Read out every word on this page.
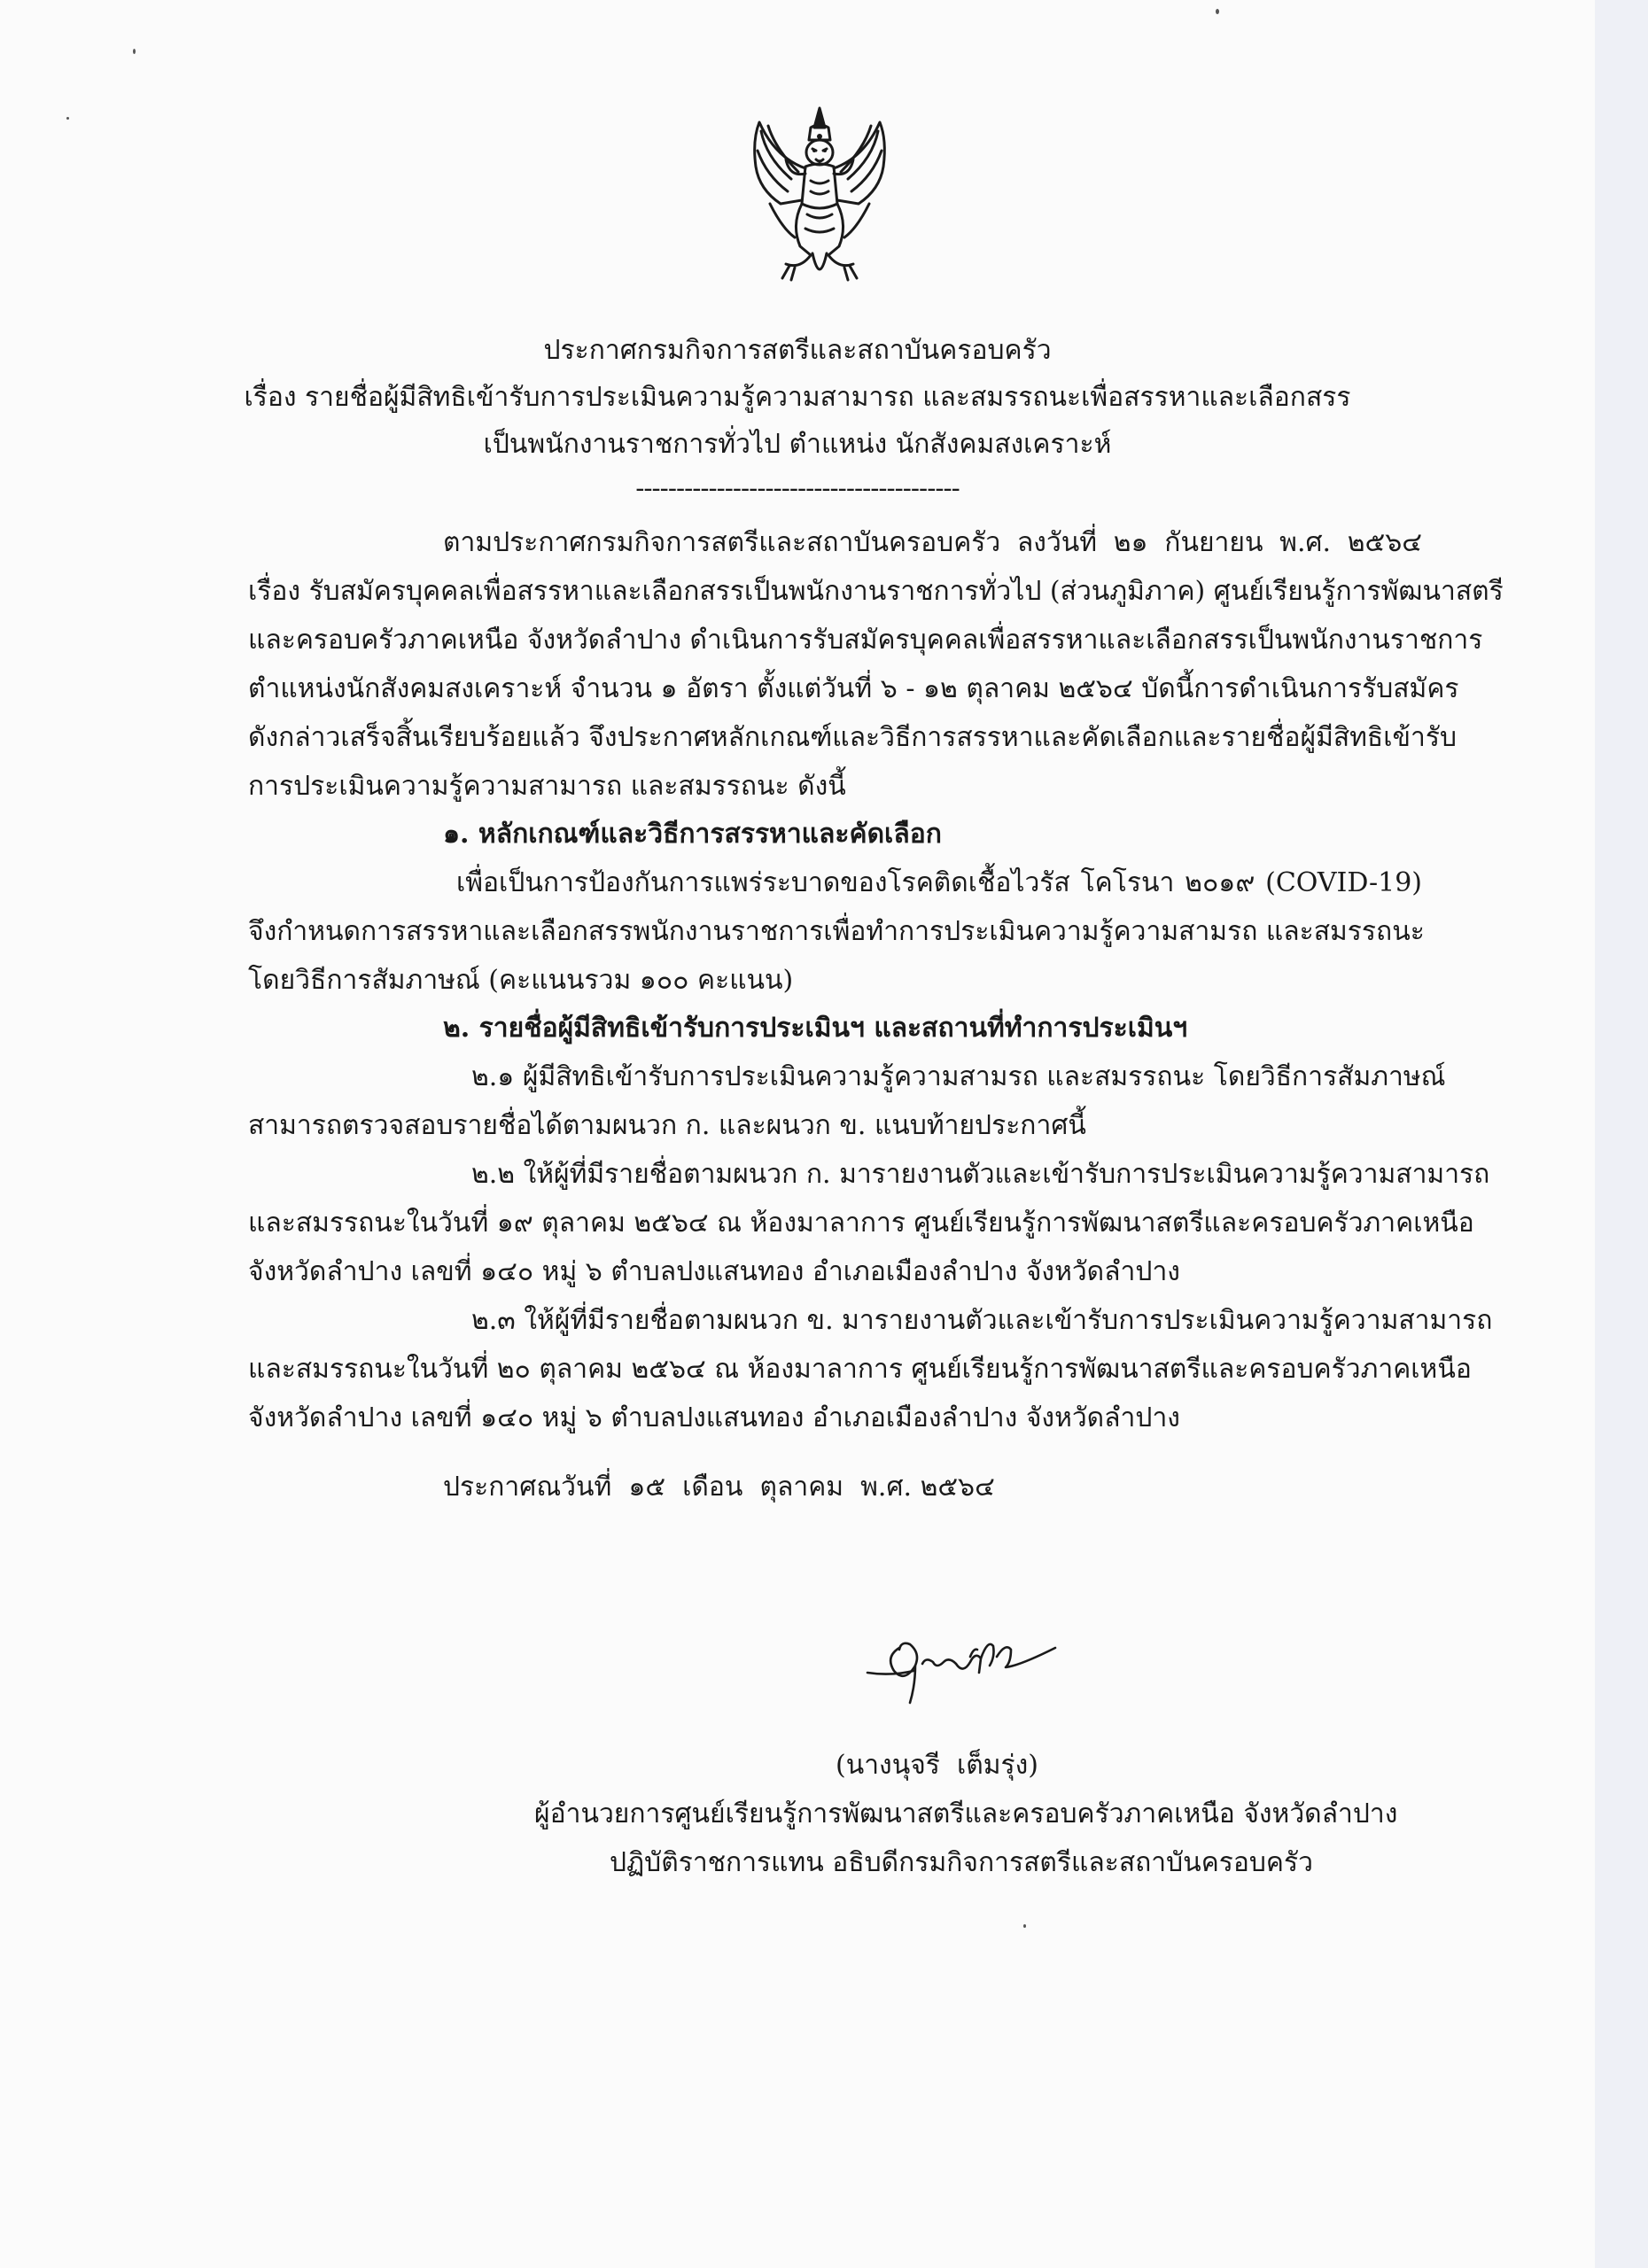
ประกาศกรมกิจการสตรีและสถาบันครอบครัว
เรื่อง รายชื่อผู้มีสิทธิเข้ารับการประเมินความรู้ความสามารถ และสมรรถนะเพื่อสรรหาและเลือกสรร
เป็นพนักงานราชการทั่วไป ตำแหน่ง นักสังคมสงเคราะห์
----------------------------------------
ตามประกาศกรมกิจการสตรีและสถาบันครอบครัว ลงวันที่ ๒๑ กันยายน พ.ศ. ๒๕๖๔
เรื่อง รับสมัครบุคคลเพื่อสรรหาและเลือกสรรเป็นพนักงานราชการทั่วไป (ส่วนภูมิภาค) ศูนย์เรียนรู้การพัฒนาสตรี
และครอบครัวภาคเหนือ จังหวัดลำปาง ดำเนินการรับสมัครบุคคลเพื่อสรรหาและเลือกสรรเป็นพนักงานราชการ
ตำแหน่งนักสังคมสงเคราะห์ จำนวน ๑ อัตรา ตั้งแต่วันที่ ๖ - ๑๒ ตุลาคม ๒๕๖๔ บัดนี้การดำเนินการรับสมัคร
ดังกล่าวเสร็จสิ้นเรียบร้อยแล้ว จึงประกาศหลักเกณฑ์และวิธีการสรรหาและคัดเลือกและรายชื่อผู้มีสิทธิเข้ารับ
การประเมินความรู้ความสามารถ และสมรรถนะ ดังนี้
๑. หลักเกณฑ์และวิธีการสรรหาและคัดเลือก
เพื่อเป็นการป้องกันการแพร่ระบาดของโรคติดเชื้อไวรัส โคโรนา ๒๐๑๙ (COVID-19)
จึงกำหนดการสรรหาและเลือกสรรพนักงานราชการเพื่อทำการประเมินความรู้ความสามรถ และสมรรถนะ
โดยวิธีการสัมภาษณ์ (คะแนนรวม ๑๐๐ คะแนน)
๒. รายชื่อผู้มีสิทธิเข้ารับการประเมินฯ และสถานที่ทำการประเมินฯ
๒.๑ ผู้มีสิทธิเข้ารับการประเมินความรู้ความสามรถ และสมรรถนะ โดยวิธีการสัมภาษณ์
สามารถตรวจสอบรายชื่อได้ตามผนวก ก. และผนวก ข. แนบท้ายประกาศนี้
๒.๒ ให้ผู้ที่มีรายชื่อตามผนวก ก. มารายงานตัวและเข้ารับการประเมินความรู้ความสามารถ
และสมรรถนะในวันที่ ๑๙ ตุลาคม ๒๕๖๔ ณ ห้องมาลาการ ศูนย์เรียนรู้การพัฒนาสตรีและครอบครัวภาคเหนือ
จังหวัดลำปาง เลขที่ ๑๔๐ หมู่ ๖ ตำบลปงแสนทอง อำเภอเมืองลำปาง จังหวัดลำปาง
๒.๓ ให้ผู้ที่มีรายชื่อตามผนวก ข. มารายงานตัวและเข้ารับการประเมินความรู้ความสามารถ
และสมรรถนะในวันที่ ๒๐ ตุลาคม ๒๕๖๔ ณ ห้องมาลาการ ศูนย์เรียนรู้การพัฒนาสตรีและครอบครัวภาคเหนือ
จังหวัดลำปาง เลขที่ ๑๔๐ หมู่ ๖ ตำบลปงแสนทอง อำเภอเมืองลำปาง จังหวัดลำปาง
ประกาศณวันที่  ๑๕  เดือน  ตุลาคม  พ.ศ. ๒๕๖๔
(นางนุจรี  เต็มรุ่ง)
ผู้อำนวยการศูนย์เรียนรู้การพัฒนาสตรีและครอบครัวภาคเหนือ จังหวัดลำปาง
ปฏิบัติราชการแทน อธิบดีกรมกิจการสตรีและสถาบันครอบครัว
